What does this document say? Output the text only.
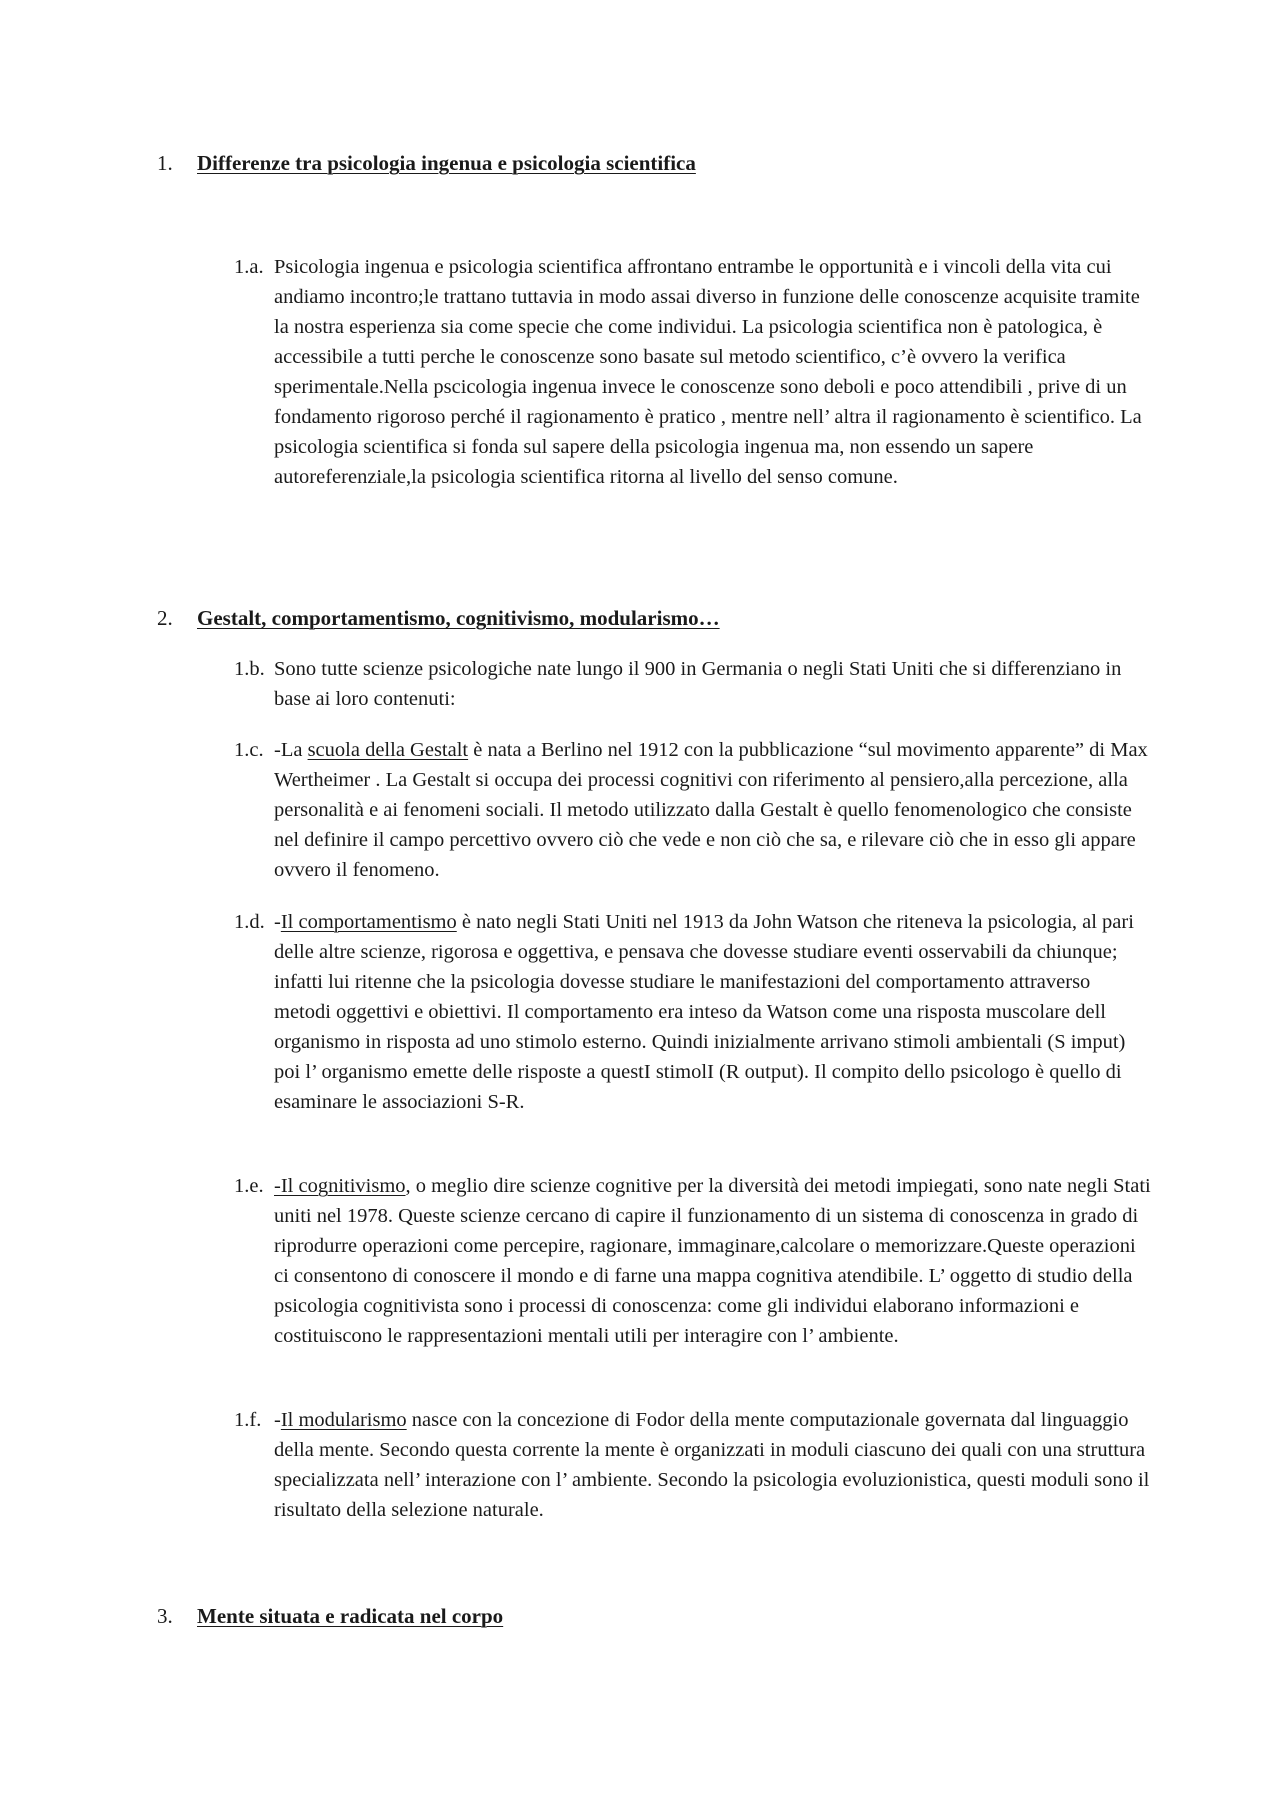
1. Differenze tra psicologia ingenua e psicologia scientifica
1.a. Psicologia ingenua e psicologia scientifica affrontano entrambe le opportunità e i vincoli della vita cui andiamo incontro;le trattano tuttavia in modo assai diverso in funzione delle conoscenze acquisite tramite la nostra esperienza sia come specie che come individui. La psicologia scientifica non è patologica, è accessibile a tutti perche le conoscenze sono basate sul metodo scientifico, c’è ovvero la verifica sperimentale.Nella pscicologia ingenua invece le conoscenze sono deboli e poco attendibili , prive di un fondamento rigoroso perché il ragionamento è pratico , mentre nell’ altra il ragionamento è scientifico. La psicologia scientifica si fonda sul sapere della psicologia ingenua ma, non essendo un sapere autoreferenziale,la psicologia scientifica ritorna al livello del senso comune.
2. Gestalt, comportamentismo, cognitivismo, modularismo…
1.b. Sono tutte scienze psicologiche nate lungo il 900 in Germania o negli Stati Uniti che si differenziano in base ai loro contenuti:
1.c. -La scuola della Gestalt è nata a Berlino nel 1912 con la pubblicazione “sul movimento apparente” di Max Wertheimer . La Gestalt si occupa dei processi cognitivi con riferimento al pensiero,alla percezione, alla personalità e ai fenomeni sociali. Il metodo utilizzato dalla Gestalt è quello fenomenologico che consiste nel definire il campo percettivo ovvero ciò che vede e non ciò che sa, e rilevare ciò che in esso gli appare ovvero il fenomeno.
1.d. -Il comportamentismo è nato negli Stati Uniti nel 1913 da John Watson che riteneva la psicologia, al pari delle altre scienze, rigorosa e oggettiva, e pensava che dovesse studiare eventi osservabili da chiunque; infatti lui ritenne che la psicologia dovesse studiare le manifestazioni del comportamento attraverso metodi oggettivi e obiettivi. Il comportamento era inteso da Watson come una risposta muscolare dell organismo in risposta ad uno stimolo esterno. Quindi inizialmente arrivano stimoli ambientali (S imput) poi l’ organismo emette delle risposte a questI stimolI (R output). Il compito dello psicologo è quello di esaminare le associazioni S-R.
1.e. -Il cognitivismo, o meglio dire scienze cognitive per la diversità dei metodi impiegati, sono nate negli Stati uniti nel 1978. Queste scienze cercano di capire il funzionamento di un sistema di conoscenza in grado di riprodurre operazioni come percepire, ragionare, immaginare,calcolare o memorizzare.Queste operazioni ci consentono di conoscere il mondo e di farne una mappa cognitiva atendibile. L’ oggetto di studio della psicologia cognitivista sono i processi di conoscenza: come gli individui elaborano informazioni e costituiscono le rappresentazioni mentali utili per interagire con l’ ambiente.
1.f. -Il modularismo nasce con la concezione di Fodor della mente computazionale governata dal linguaggio della mente. Secondo questa corrente la mente è organizzati in moduli ciascuno dei quali con una struttura specializzata nell’ interazione con l’ ambiente. Secondo la psicologia evoluzionistica, questi moduli sono il risultato della selezione naturale.
3. Mente situata e radicata nel corpo
